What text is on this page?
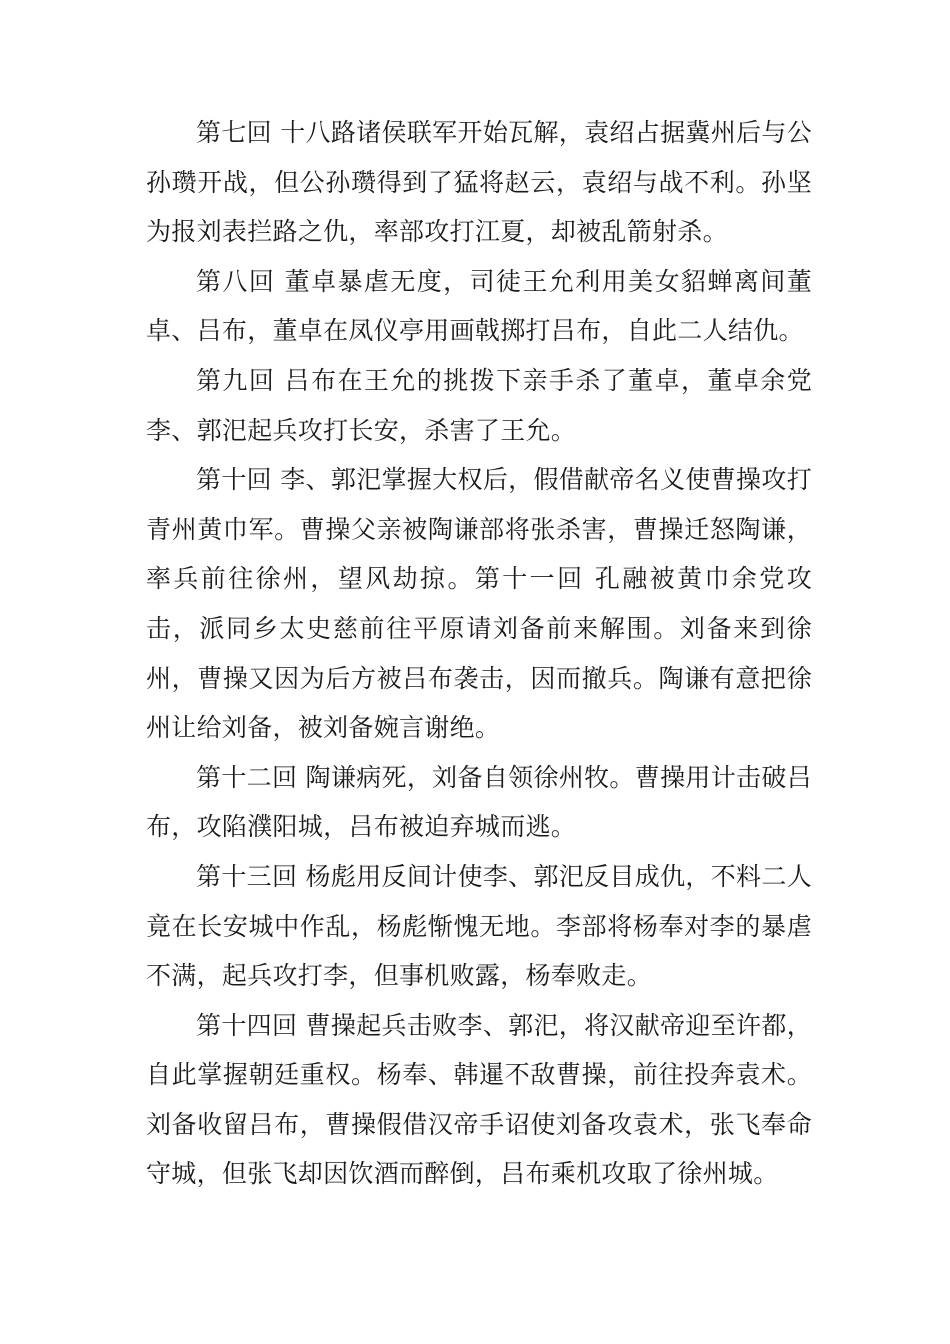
第七回 十八路诸侯联军开始瓦解，袁绍占据冀州后与公孙瓒开战，但公孙瓒得到了猛将赵云，袁绍与战不利。孙坚为报刘表拦路之仇，率部攻打江夏，却被乱箭射杀。

第八回 董卓暴虐无度，司徒王允利用美女貂蝉离间董卓、吕布，董卓在凤仪亭用画戟掷打吕布，自此二人结仇。

第九回 吕布在王允的挑拨下亲手杀了董卓，董卓余党李、郭汜起兵攻打长安，杀害了王允。

第十回 李、郭汜掌握大权后，假借献帝名义使曹操攻打青州黄巾军。曹操父亲被陶谦部将张杀害，曹操迁怒陶谦，率兵前往徐州，望风劫掠。第十一回 孔融被黄巾余党攻击，派同乡太史慈前往平原请刘备前来解围。刘备来到徐州，曹操又因为后方被吕布袭击，因而撤兵。陶谦有意把徐州让给刘备，被刘备婉言谢绝。

第十二回 陶谦病死，刘备自领徐州牧。曹操用计击破吕布，攻陷濮阳城，吕布被迫弃城而逃。

第十三回 杨彪用反间计使李、郭汜反目成仇，不料二人竟在长安城中作乱，杨彪惭愧无地。李部将杨奉对李的暴虐不满，起兵攻打李，但事机败露，杨奉败走。

第十四回 曹操起兵击败李、郭汜，将汉献帝迎至许都，自此掌握朝廷重权。杨奉、韩暹不敌曹操，前往投奔袁术。刘备收留吕布，曹操假借汉帝手诏使刘备攻袁术，张飞奉命守城，但张飞却因饮酒而醉倒，吕布乘机攻取了徐州城。
